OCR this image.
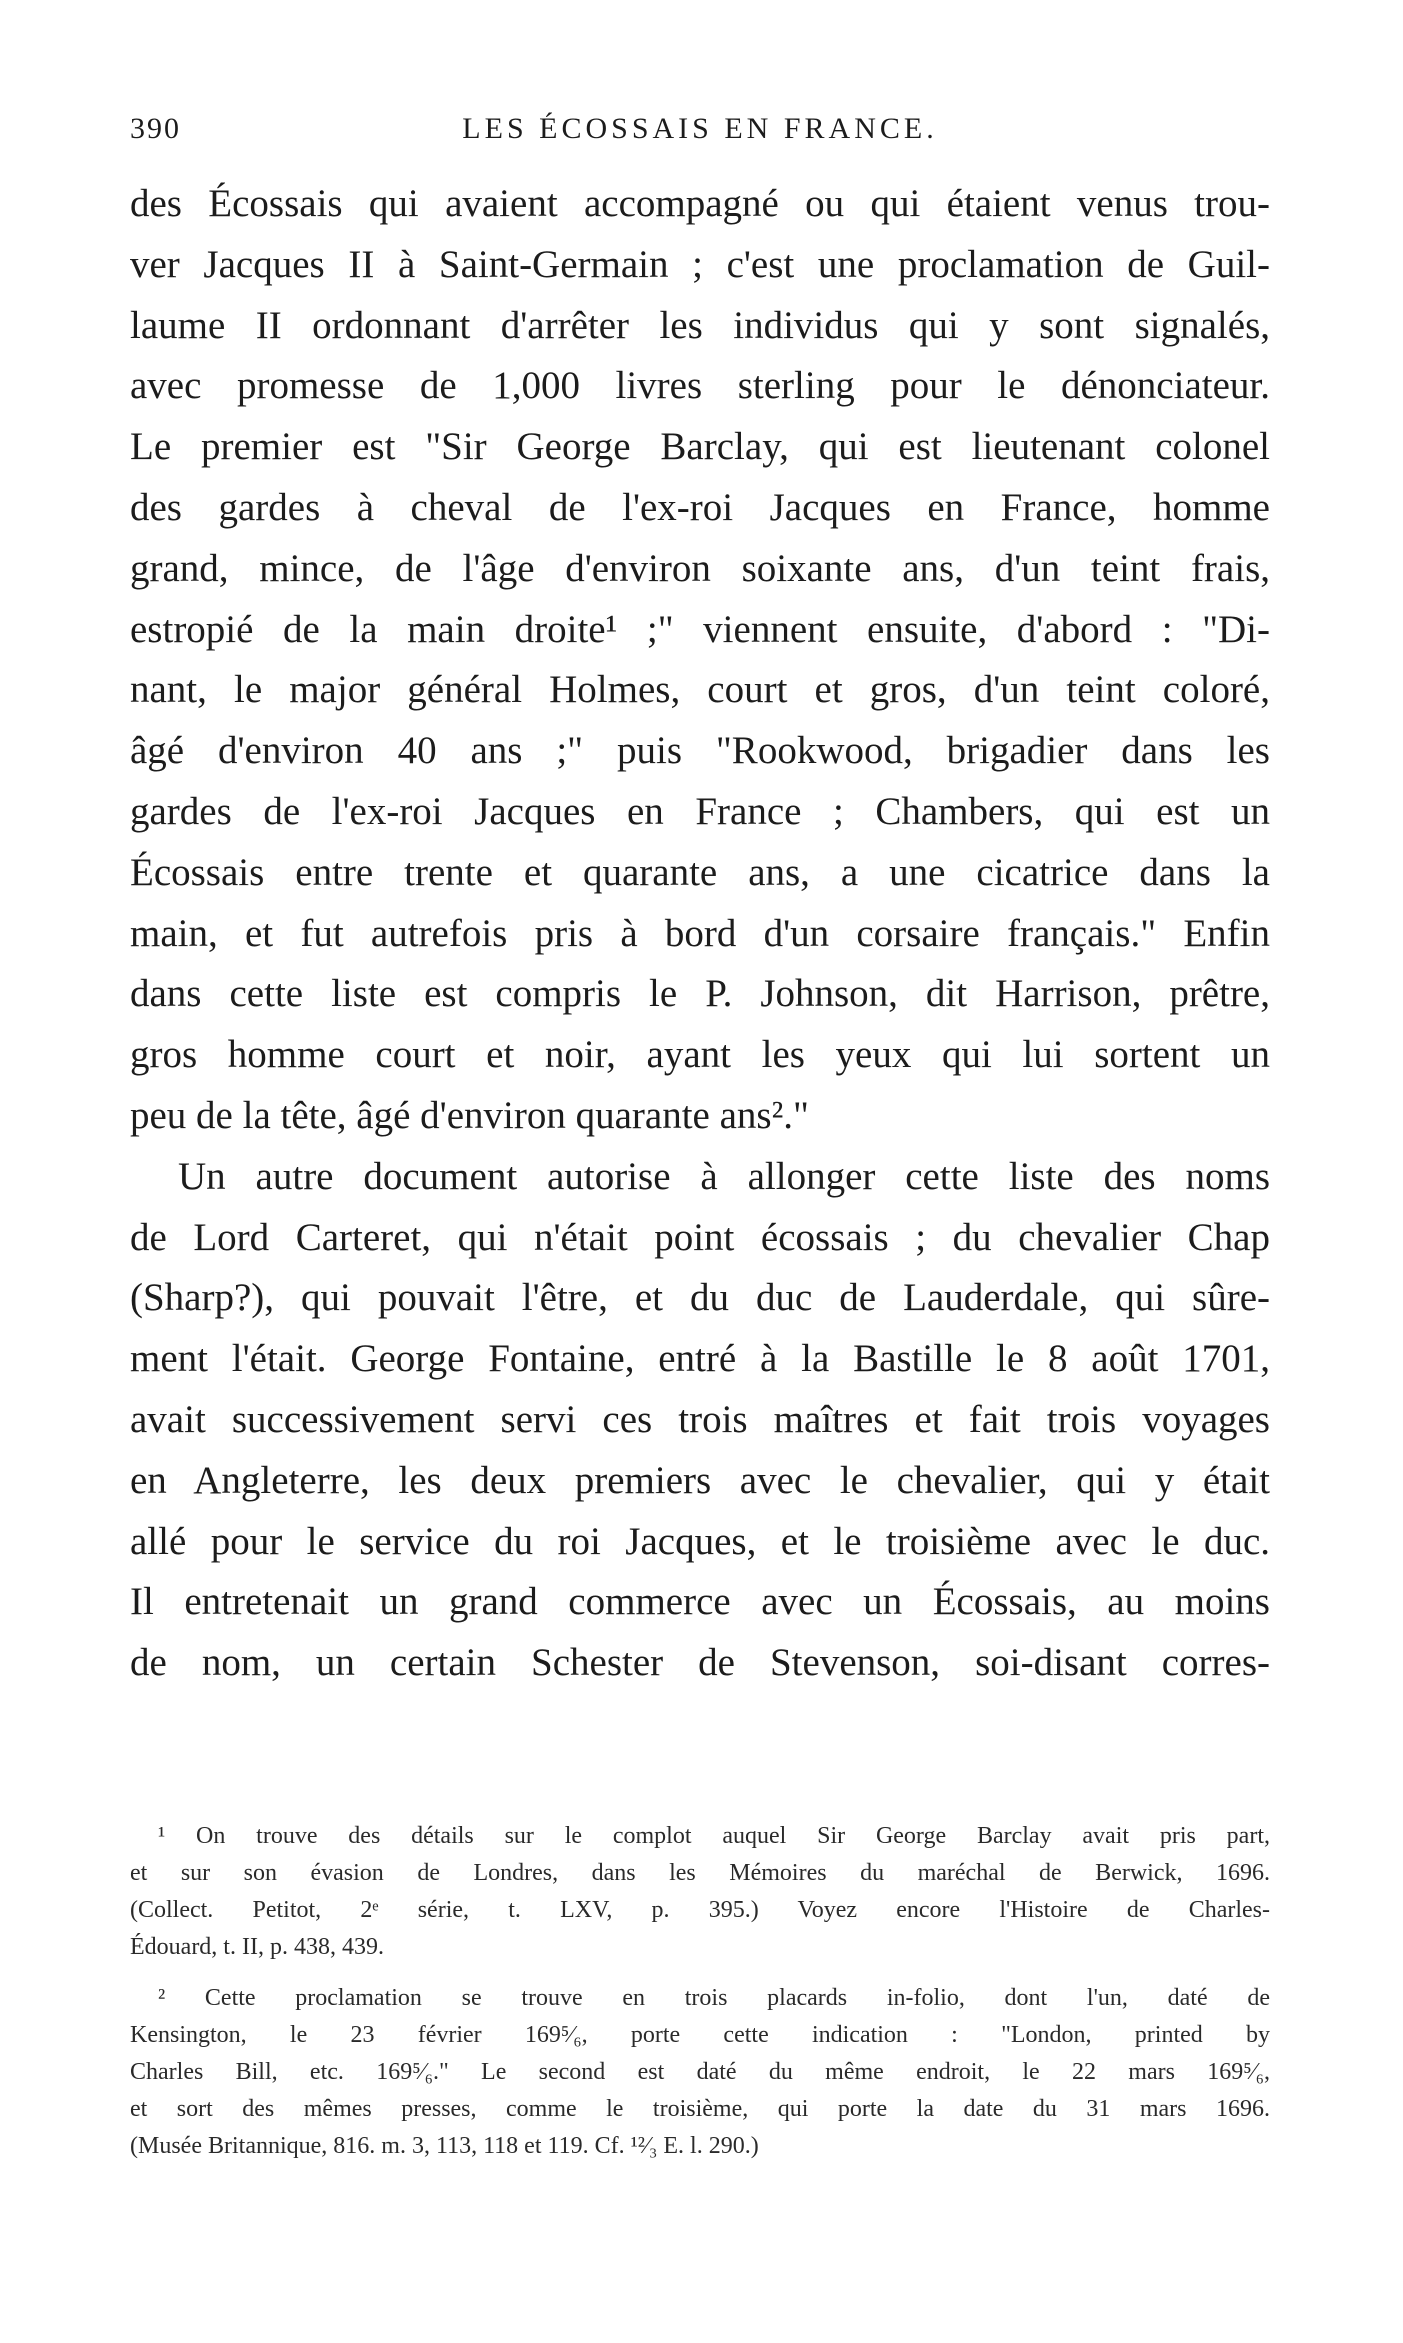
390	LES ÉCOSSAIS EN FRANCE.
des Écossais qui avaient accompagné ou qui étaient venus trou-
ver Jacques II à Saint-Germain ; c'est une proclamation de Guil-
laume II ordonnant d'arrêter les individus qui y sont signalés,
avec promesse de 1,000 livres sterling pour le dénonciateur.
Le premier est "Sir George Barclay, qui est lieutenant colonel
des gardes à cheval de l'ex-roi Jacques en France, homme
grand, mince, de l'âge d'environ soixante ans, d'un teint frais,
estropié de la main droite¹ ;" viennent ensuite, d'abord : "Di-
nant, le major général Holmes, court et gros, d'un teint coloré,
âgé d'environ 40 ans ;" puis "Rookwood, brigadier dans les
gardes de l'ex-roi Jacques en France ; Chambers, qui est un
Écossais entre trente et quarante ans, a une cicatrice dans la
main, et fut autrefois pris à bord d'un corsaire français." Enfin
dans cette liste est compris le P. Johnson, dit Harrison, prêtre,
gros homme court et noir, ayant les yeux qui lui sortent un
peu de la tête, âgé d'environ quarante ans²."
Un autre document autorise à allonger cette liste des noms
de Lord Carteret, qui n'était point écossais ; du chevalier Chap
(Sharp?), qui pouvait l'être, et du duc de Lauderdale, qui sûre-
ment l'était. George Fontaine, entré à la Bastille le 8 août 1701,
avait successivement servi ces trois maîtres et fait trois voyages
en Angleterre, les deux premiers avec le chevalier, qui y était
allé pour le service du roi Jacques, et le troisième avec le duc.
Il entretenait un grand commerce avec un Écossais, au moins
de nom, un certain Schester de Stevenson, soi-disant corres-
¹ On trouve des détails sur le complot auquel Sir George Barclay avait pris part,
et sur son évasion de Londres, dans les Mémoires du maréchal de Berwick, 1696.
(Collect. Petitot, 2ᵉ série, t. LXV, p. 395.) Voyez encore l'Histoire de Charles-
Édouard, t. II, p. 438, 439.
² Cette proclamation se trouve en trois placards in-folio, dont l'un, daté de
Kensington, le 23 février 169⁵⁄₆, porte cette indication : "London, printed by
Charles Bill, etc. 169⁵⁄₆." Le second est daté du même endroit, le 22 mars 169⁵⁄₆,
et sort des mêmes presses, comme le troisième, qui porte la date du 31 mars 1696.
(Musée Britannique, 816. m. 3, 113, 118 et 119. Cf. ¹²⁄₃ E. l. 290.)
